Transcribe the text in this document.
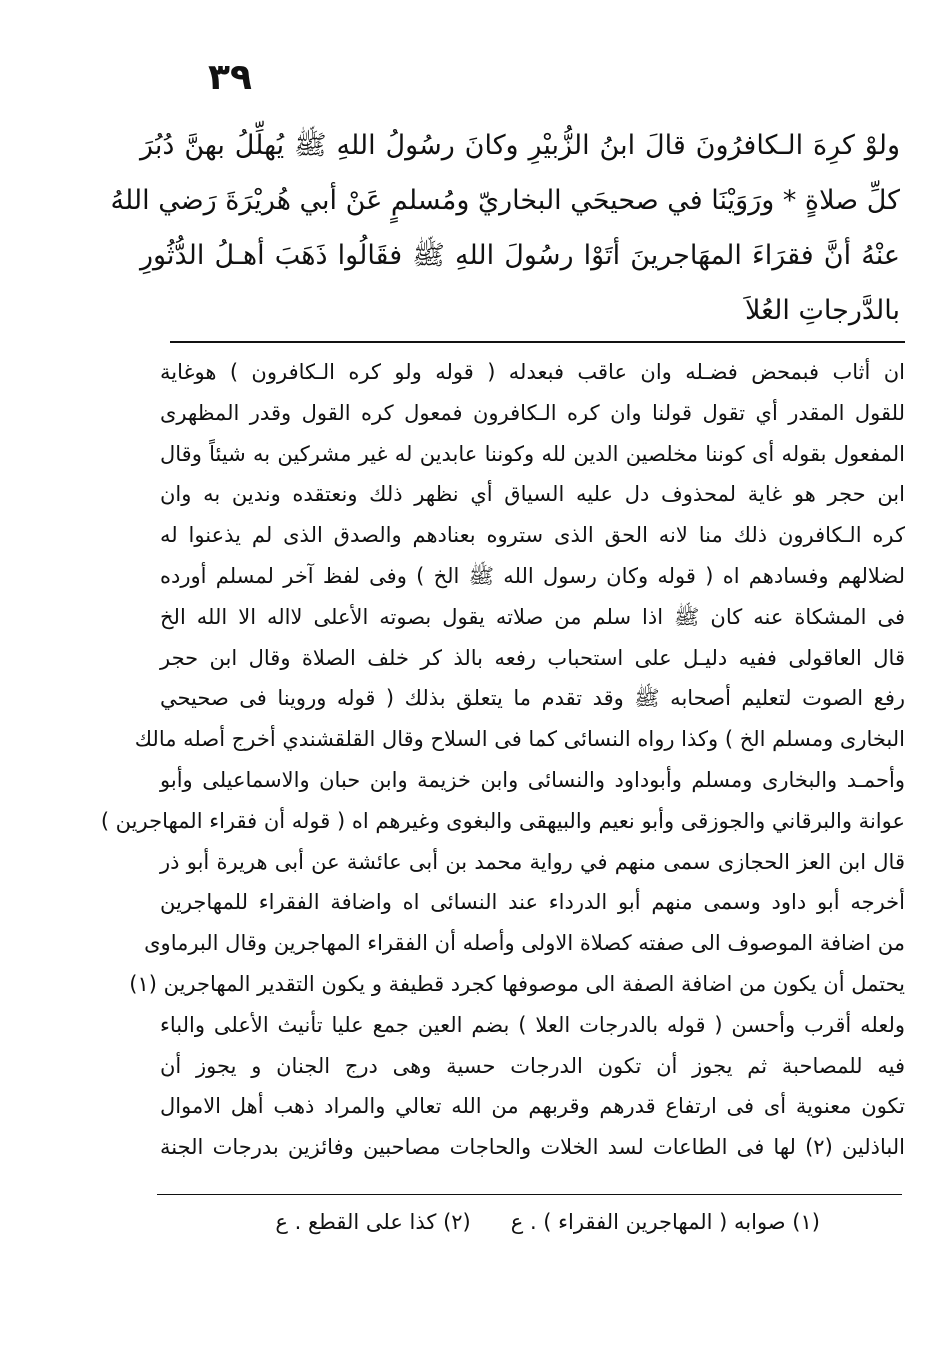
٣٩
ولوْ كرِهَ الـكافرُونَ قالَ ابنُ الزُّبيْرِ وكانَ رسُولُ اللهِ ﷺ يُهلِّلُ بهنَّ دُبُرَ
كلِّ صلاةٍ * ورَوَيْنَا في صحيحَي البخاريّ ومُسلمٍ عَنْ أبي هُريْرَةَ رَضي اللهُ
عنْهُ أنَّ فقرَاءَ المهَاجرينَ أتَوْا رسُولَ اللهِ ﷺ فقَالُوا ذَهَبَ أهـلُ الدُّثُورِ
بالدَّرجاتِ العُلاَ
ان أثاب فبمحض فضـله وان عاقب فبعدله ( قوله ولو كره الـكافرون ) هوغاية
للقول المقدر أي تقول قولنا وان كره الـكافرون فمعول كره القول وقدر المظهرى
المفعول بقوله أى كوننا مخلصين الدين لله وكوننا عابدين له غير مشركين به شيئاً وقال
ابن حجر هو غاية لمحذوف دل عليه السياق أي نظهر ذلك ونعتقده وندين به وان
كره الـكافرون ذلك منا لانه الحق الذى ستروه بعنادهم والصدق الذى لم يذعنوا له
لضلالهم وفسادهم اه ( قوله وكان رسول الله ﷺ الخ ) وفى لفظ آخر لمسلم أورده
فى المشكاة عنه كان ﷺ اذا سلم من صلاته يقول بصوته الأعلى لااله الا الله الخ
قال العاقولى ففيه دليـل على استحباب رفعه بالذ كر خلف الصلاة وقال ابن حجر
رفع الصوت لتعليم أصحابه ﷺ وقد تقدم ما يتعلق بذلك ( قوله وروينا فى صحيحي
البخارى ومسلم الخ ) وكذا رواه النسائى كما فى السلاح وقال القلقشندي أخرج أصله مالك
وأحمـد والبخارى ومسلم وأبوداود والنسائى وابن خزيمة وابن حبان والاسماعيلى وأبو
عوانة والبرقاني والجوزقى وأبو نعيم والبيهقى والبغوى وغيرهم اه ( قوله أن فقراء المهاجرين )
قال ابن العز الحجازى سمى منهم في رواية محمد بن أبى عائشة عن أبى هريرة أبو ذر
أخرجه أبو داود وسمى منهم أبو الدرداء عند النسائى اه واضافة الفقراء للمهاجرين
من اضافة الموصوف الى صفته كصلاة الاولى وأصله أن الفقراء المهاجرين وقال البرماوى
يحتمل أن يكون من اضافة الصفة الى موصوفها كجرد قطيفة و يكون التقدير المهاجرين (١)
ولعله أقرب وأحسن ( قوله بالدرجات العلا ) بضم العين جمع عليا تأنيث الأعلى والباء
فيه للمصاحبة ثم يجوز أن تكون الدرجات حسية وهى درج الجنان و يجوز أن
تكون معنوية أى فى ارتفاع قدرهم وقربهم من الله تعالي والمراد ذهب أهل الاموال
الباذلين (٢) لها فى الطاعات لسد الخلات والحاجات مصاحبين وفائزين بدرجات الجنة
(١) صوابه ( المهاجرين الفقراء ) . ع
(٢) كذا على القطع . ع
